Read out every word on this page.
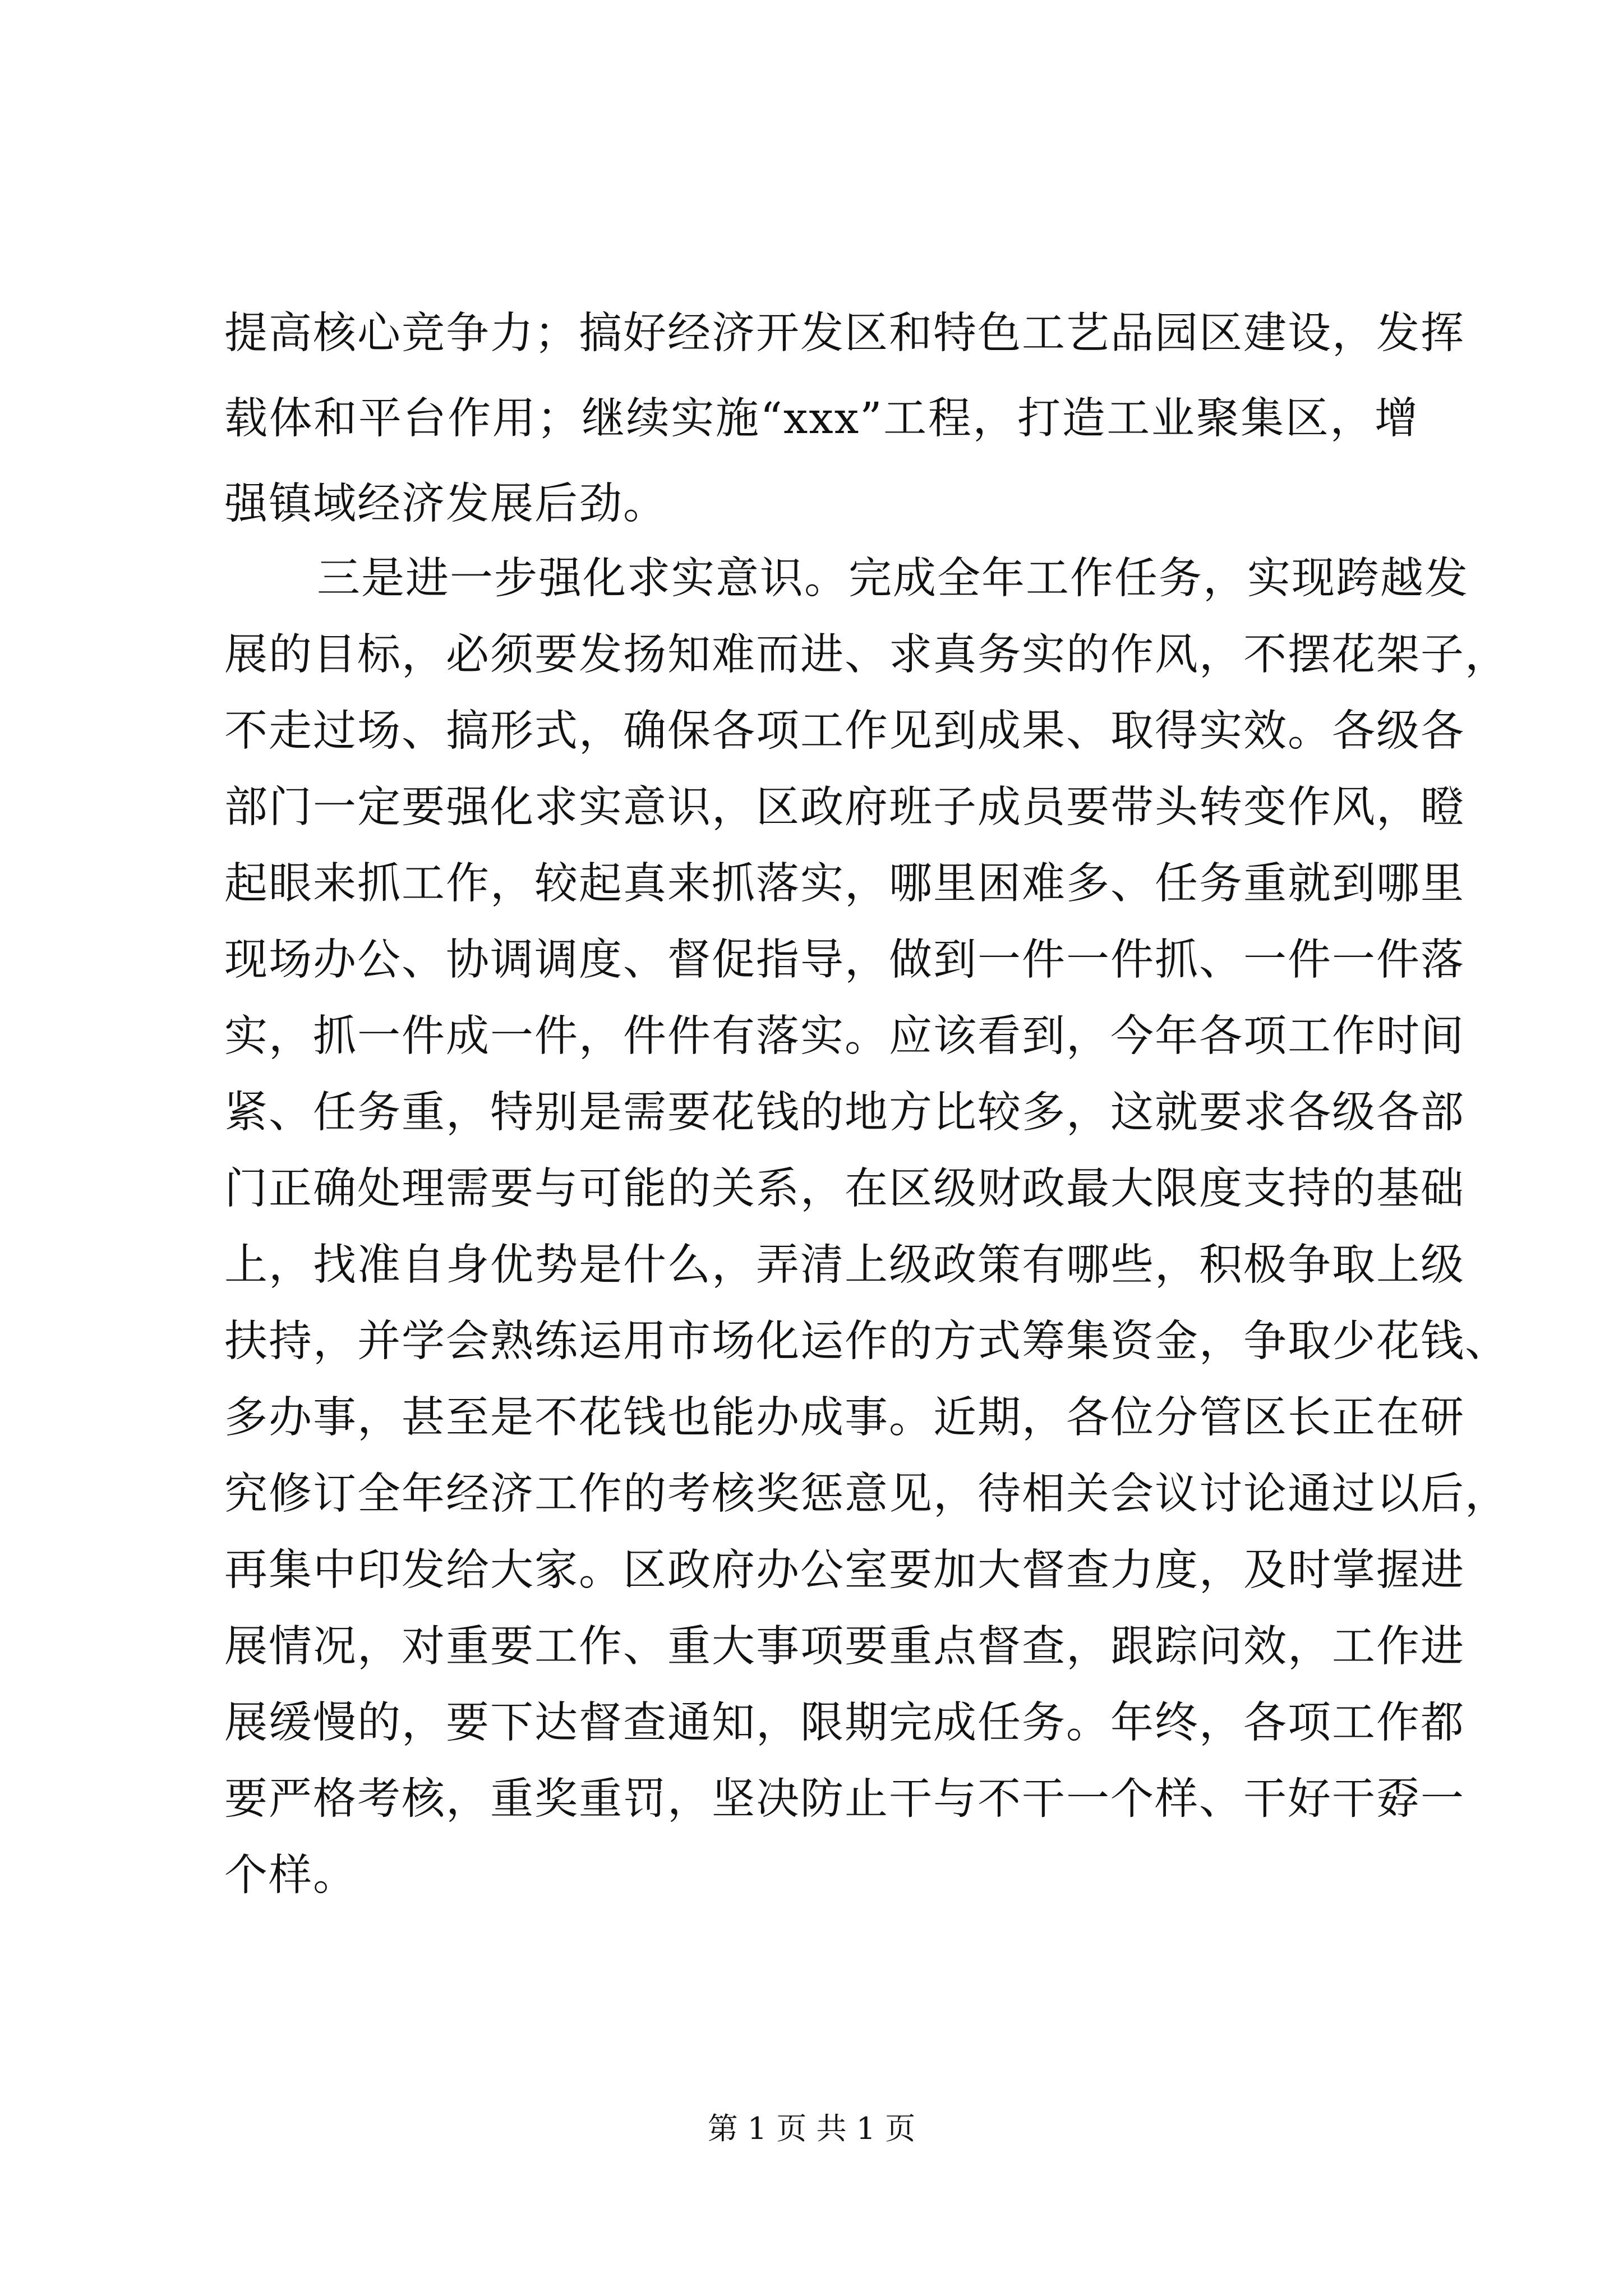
提高核心竞争力；搞好经济开发区和特色工艺品园区建设，发挥
载体和平台作用；继续实施“xxx”工程，打造工业聚集区，增
强镇域经济发展后劲。
三是进一步强化求实意识。完成全年工作任务，实现跨越发
展的目标，必须要发扬知难而进、求真务实的作风，不摆花架子，
不走过场、搞形式，确保各项工作见到成果、取得实效。各级各
部门一定要强化求实意识，区政府班子成员要带头转变作风，瞪
起眼来抓工作，较起真来抓落实，哪里困难多、任务重就到哪里
现场办公、协调调度、督促指导，做到一件一件抓、一件一件落
实，抓一件成一件，件件有落实。应该看到，今年各项工作时间
紧、任务重，特别是需要花钱的地方比较多，这就要求各级各部
门正确处理需要与可能的关系，在区级财政最大限度支持的基础
上，找准自身优势是什么，弄清上级政策有哪些，积极争取上级
扶持，并学会熟练运用市场化运作的方式筹集资金，争取少花钱、
多办事，甚至是不花钱也能办成事。近期，各位分管区长正在研
究修订全年经济工作的考核奖惩意见，待相关会议讨论通过以后，
再集中印发给大家。区政府办公室要加大督查力度，及时掌握进
展情况，对重要工作、重大事项要重点督查，跟踪问效，工作进
展缓慢的，要下达督查通知，限期完成任务。年终，各项工作都
要严格考核，重奖重罚，坚决防止干与不干一个样、干好干孬一
个样。
第 1 页 共 1 页
